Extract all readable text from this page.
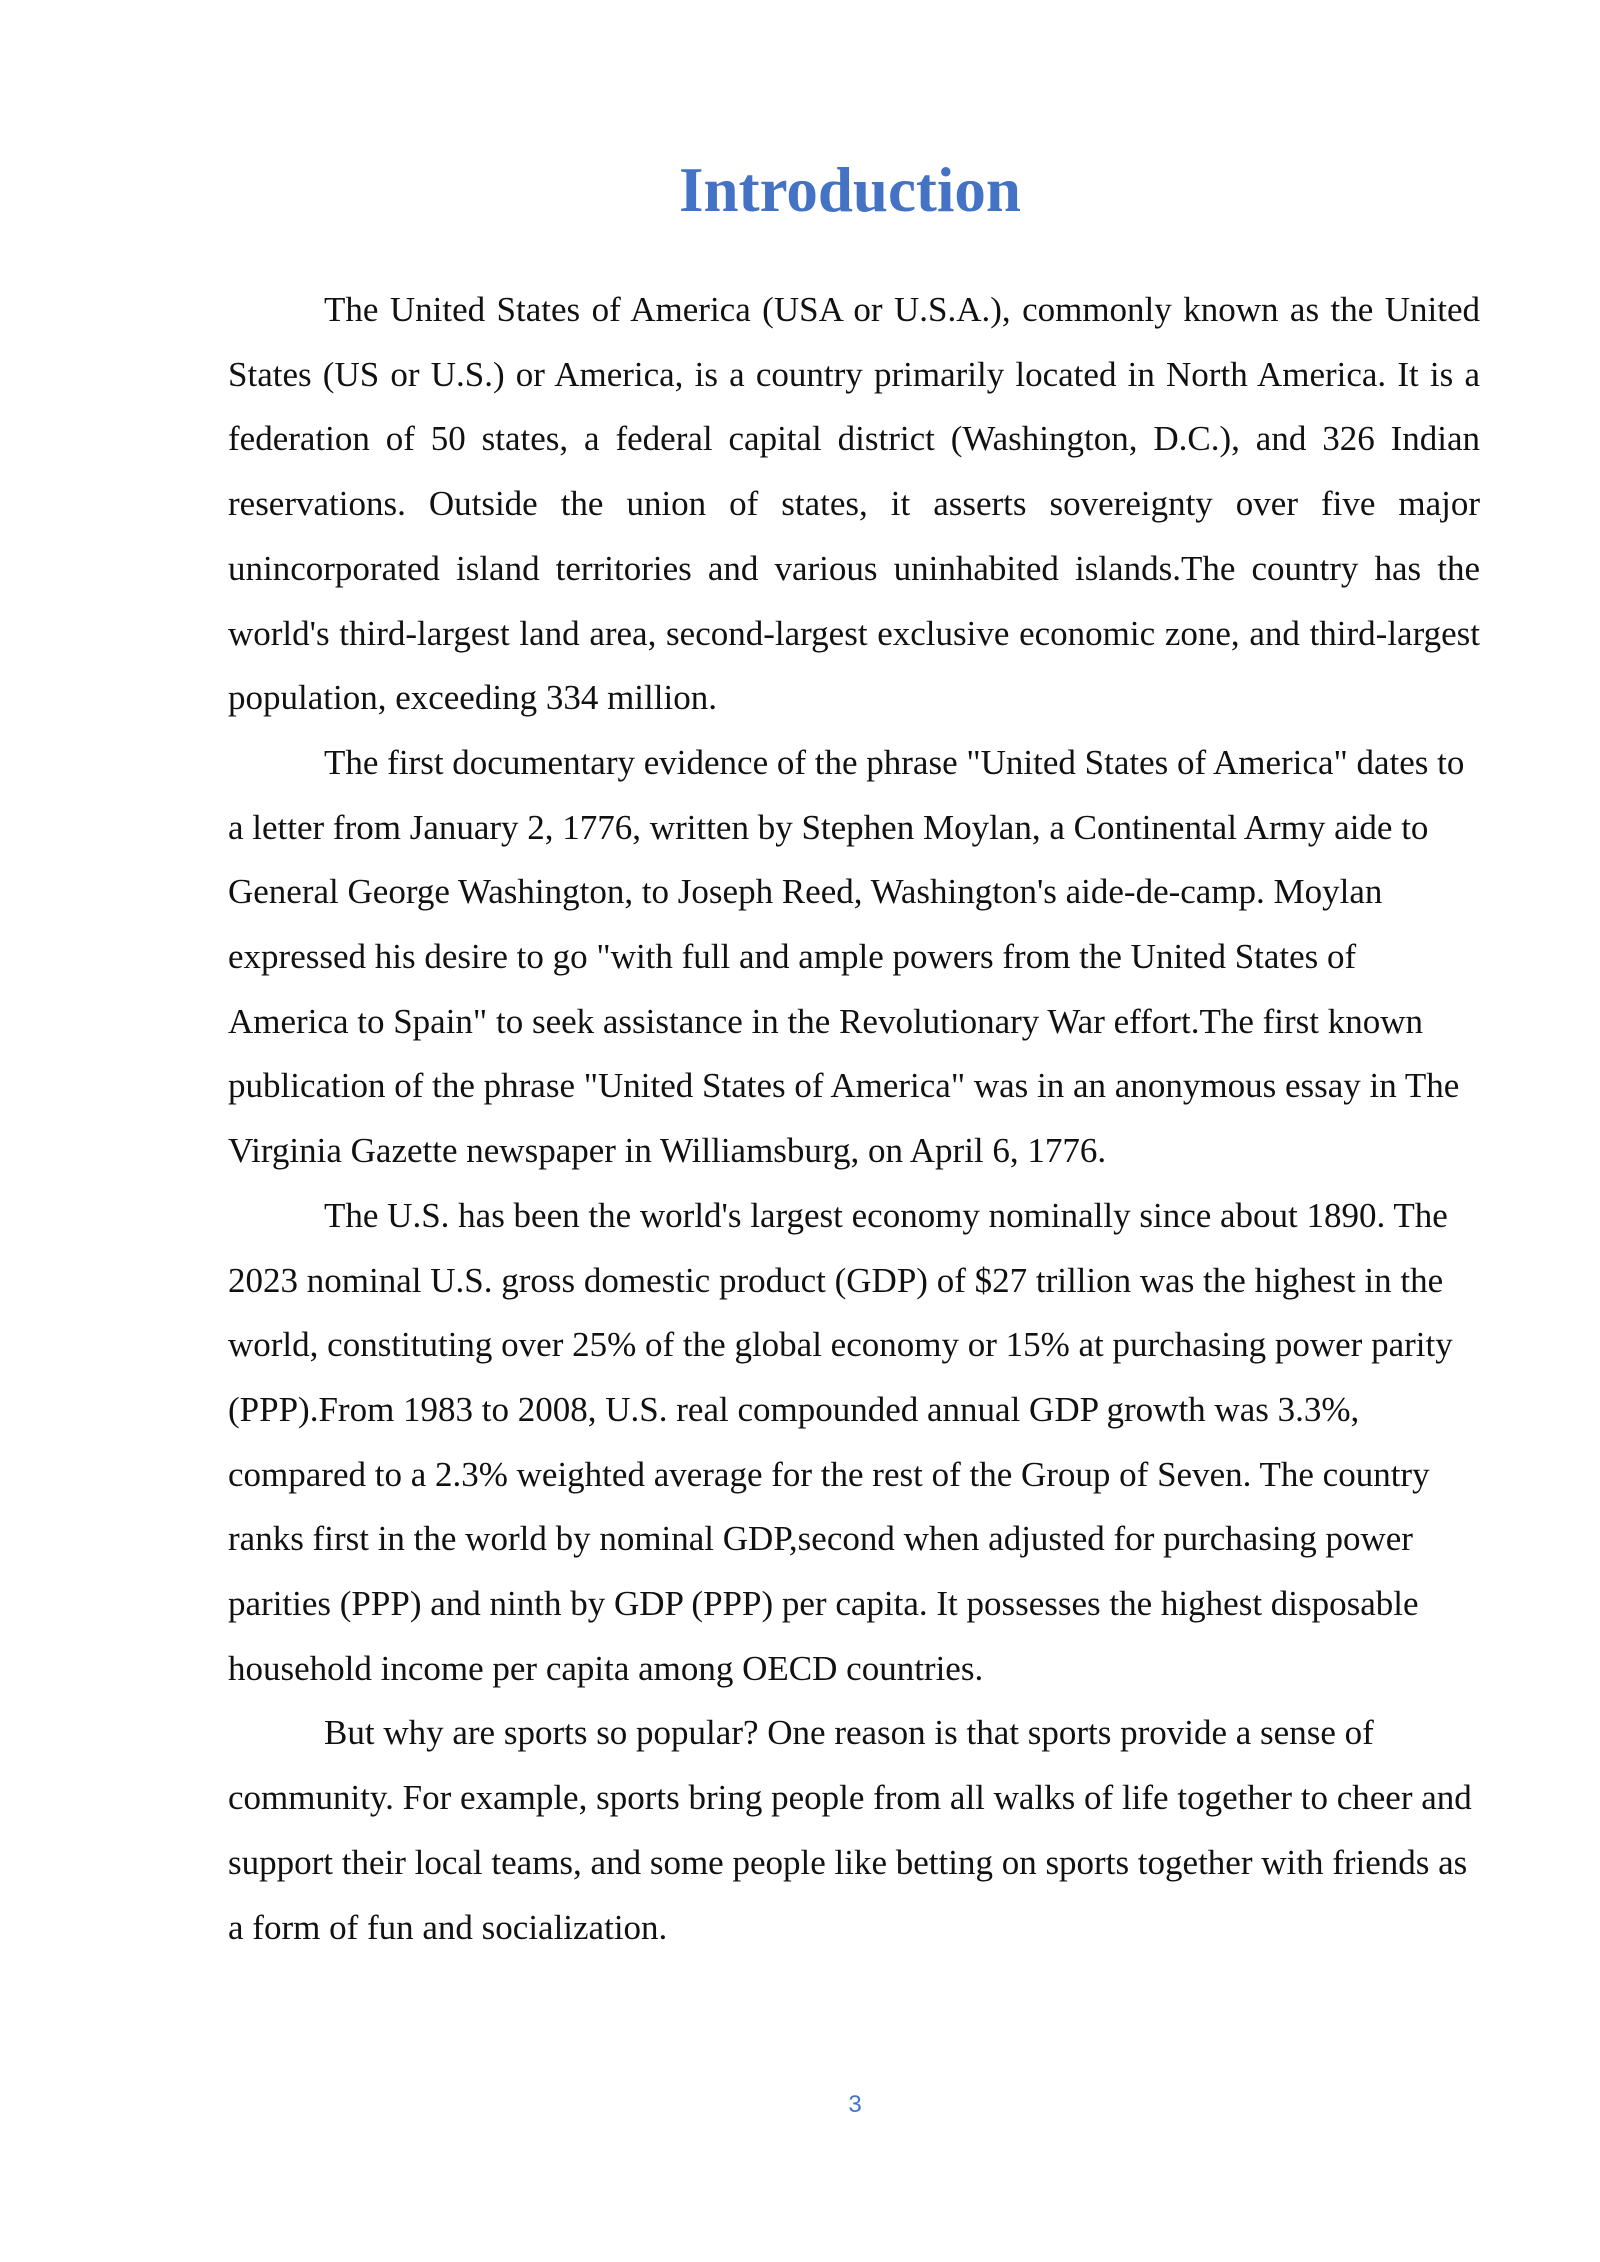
Introduction

The United States of America (USA or U.S.A.), commonly known as the United States (US or U.S.) or America, is a country primarily located in North America. It is a federation of 50 states, a federal capital district (Washington, D.C.), and 326 Indian reservations. Outside the union of states, it asserts sovereignty over five major unincorporated island territories and various uninhabited islands.The country has the world's third-largest land area, second-largest exclusive economic zone, and third-largest population, exceeding 334 million.

The first documentary evidence of the phrase "United States of America" dates to a letter from January 2, 1776, written by Stephen Moylan, a Continental Army aide to General George Washington, to Joseph Reed, Washington's aide-de-camp. Moylan expressed his desire to go "with full and ample powers from the United States of America to Spain" to seek assistance in the Revolutionary War effort.The first known publication of the phrase "United States of America" was in an anonymous essay in The Virginia Gazette newspaper in Williamsburg, on April 6, 1776.

The U.S. has been the world's largest economy nominally since about 1890. The 2023 nominal U.S. gross domestic product (GDP) of $27 trillion was the highest in the world, constituting over 25% of the global economy or 15% at purchasing power parity (PPP).From 1983 to 2008, U.S. real compounded annual GDP growth was 3.3%, compared to a 2.3% weighted average for the rest of the Group of Seven. The country ranks first in the world by nominal GDP,second when adjusted for purchasing power parities (PPP) and ninth by GDP (PPP) per capita. It possesses the highest disposable household income per capita among OECD countries.

But why are sports so popular? One reason is that sports provide a sense of community. For example, sports bring people from all walks of life together to cheer and support their local teams, and some people like betting on sports together with friends as a form of fun and socialization.

3
